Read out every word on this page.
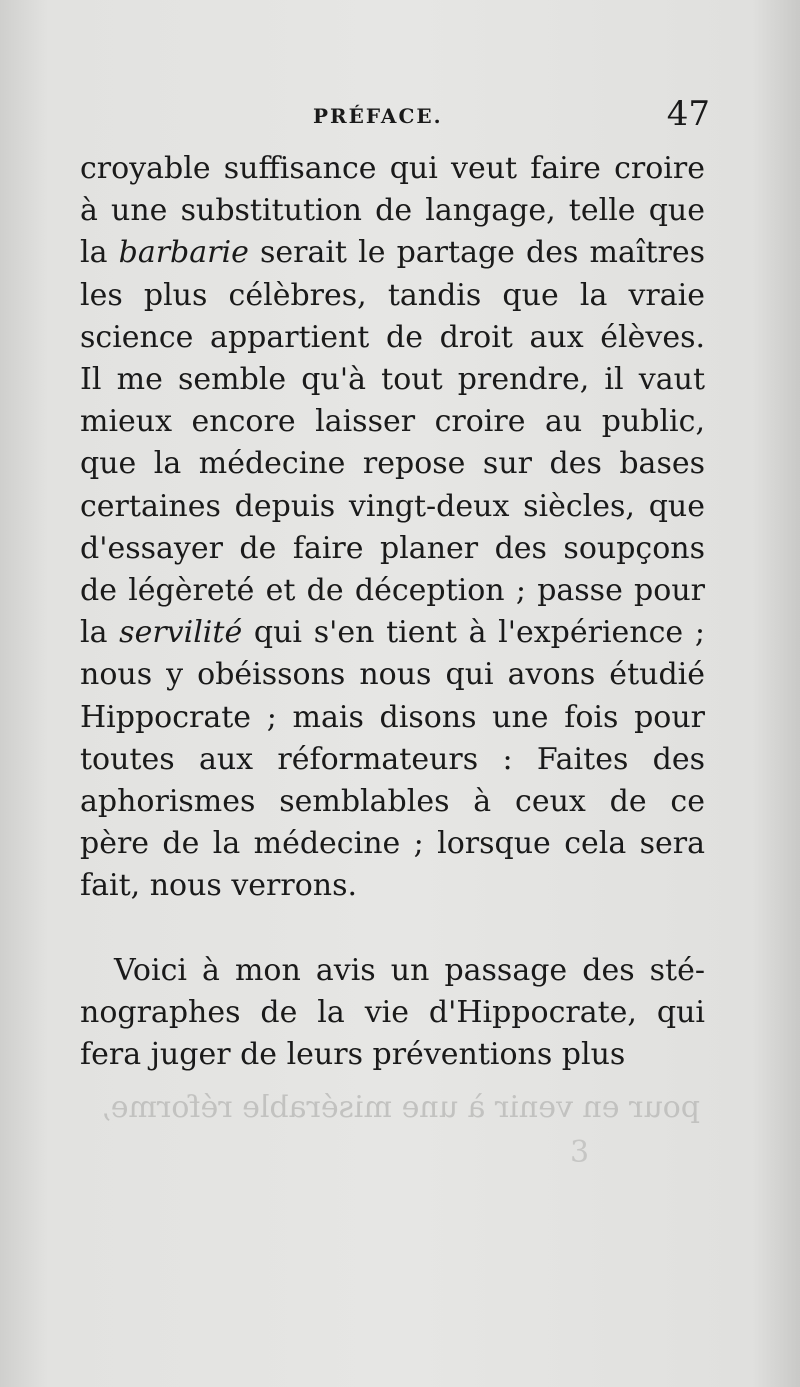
PRÉFACE.	47
croyable suffisance qui veut faire croire
à une substitution de langage, telle que
la barbarie serait le partage des maîtres
les plus célèbres, tandis que la vraie
science appartient de droit aux élèves.
Il me semble qu'à tout prendre, il vaut
mieux encore laisser croire au public,
que la médecine repose sur des bases
certaines depuis vingt-deux siècles, que
d'essayer de faire planer des soupçons
de légèreté et de déception ; passe pour
la servilité qui s'en tient à l'expérience ;
nous y obéissons nous qui avons étudié
Hippocrate ; mais disons une fois pour
toutes aux réformateurs : Faites des
aphorismes semblables à ceux de ce
père de la médecine ; lorsque cela sera
fait, nous verrons.
Voici à mon avis un passage des sté-
nographes de la vie d'Hippocrate, qui
fera juger de leurs préventions plus
pour en venir à une misérable réforme,
3
